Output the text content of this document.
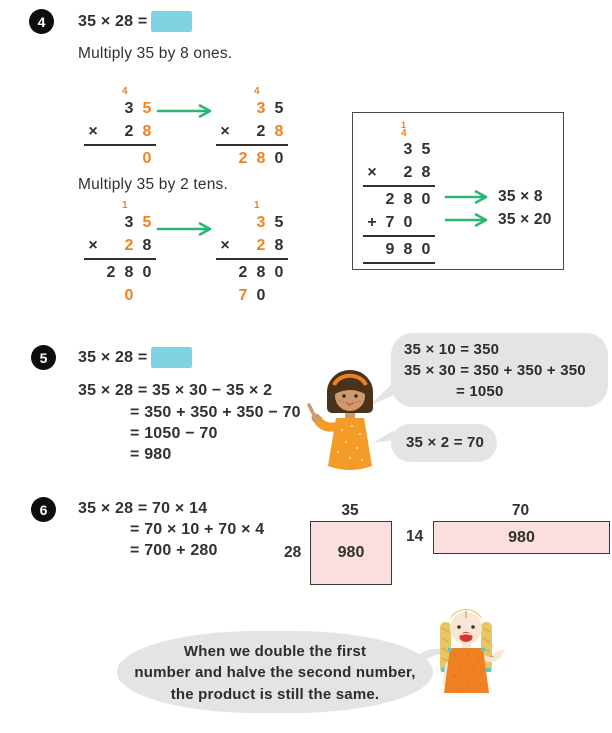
4	35 × 28 =
Multiply 35 by 8 ones.
4
3 5
× 2 8
0
4
3 5
× 2 8
2 8 0
Multiply 35 by 2 tens.
1
3 5
× 2 8
2 8 0
0
1
3 5
× 2 8
2 8 0
7 0
1
4
3 5
× 2 8
2 8 0
+ 7 0
9 8 0
35 × 8
35 × 20
5	35 × 28 =
35 × 28 = 35 × 30 − 35 × 2
= 350 + 350 + 350 − 70
= 1050 − 70
= 980
35 × 10 = 350
35 × 30 = 350 + 350 + 350
= 1050
35 × 2 = 70
6	35 × 28 = 70 × 14
= 70 × 10 + 70 × 4
= 700 + 280
35
28 980
70
14	980
When we double the first
number and halve the second number,
the product is still the same.
